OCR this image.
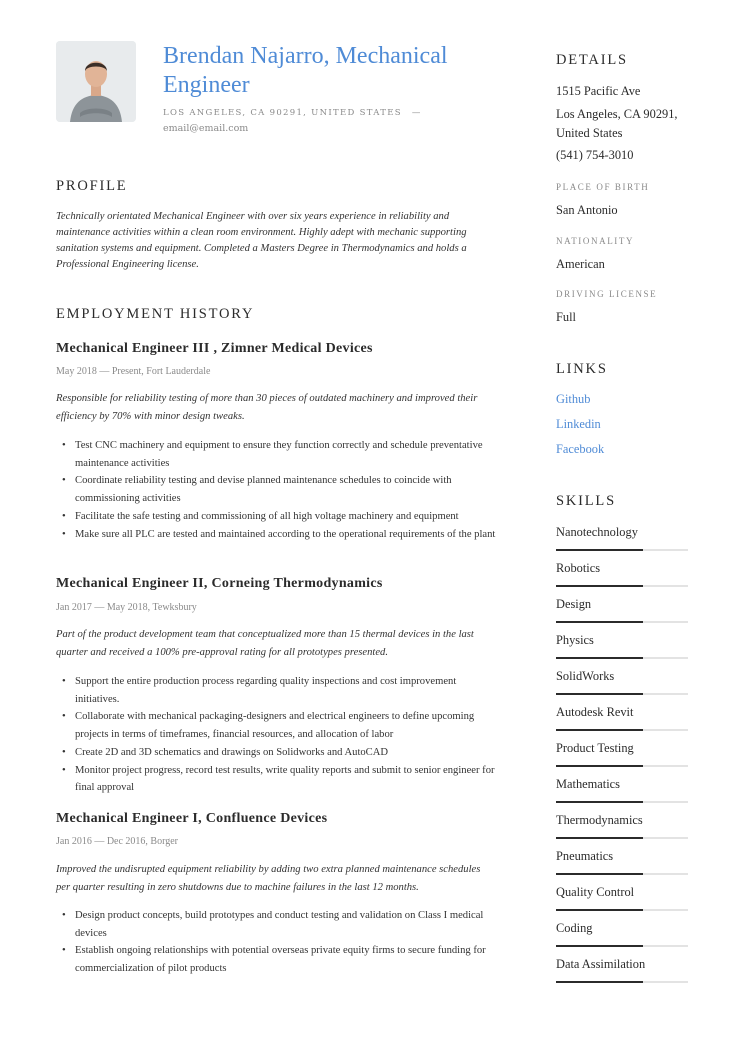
Brendan Najarro, Mechanical Engineer
LOS ANGELES, CA 90291, UNITED STATES —
email@email.com
PROFILE

Technically orientated Mechanical Engineer with over six years experience in reliability and maintenance activities within a clean room environment. Highly adept with mechanic supporting sanitation systems and equipment. Completed a Masters Degree in Thermodynamics and holds a Professional Engineering license.

EMPLOYMENT HISTORY
Mechanical Engineer III , Zimner Medical Devices
May 2018 — Present, Fort Lauderdale

Responsible for reliability testing of more than 30 pieces of outdated machinery and improved their efficiency by 70% with minor design tweaks.

• Test CNC machinery and equipment to ensure they function correctly and schedule preventative maintenance activities
• Coordinate reliability testing and devise planned maintenance schedules to coincide with commissioning activities
• Facilitate the safe testing and commissioning of all high voltage machinery and equipment
• Make sure all PLC are tested and maintained according to the operational requirements of the plant
Mechanical Engineer II, Corneing Thermodynamics
Jan 2017 — May 2018, Tewksbury

Part of the product development team that conceptualized more than 15 thermal devices in the last quarter and received a 100% pre-approval rating for all prototypes presented.

• Support the entire production process regarding quality inspections and cost improvement initiatives.
• Collaborate with mechanical packaging-designers and electrical engineers to define upcoming projects in terms of timeframes, financial resources, and allocation of labor
• Create 2D and 3D schematics and drawings on Solidworks and AutoCAD
• Monitor project progress, record test results, write quality reports and submit to senior engineer for final approval
Mechanical Engineer I, Confluence Devices
Jan 2016 — Dec 2016, Borger

Improved the undisrupted equipment reliability by adding two extra planned maintenance schedules per quarter resulting in zero shutdowns due to machine failures in the last 12 months.

• Design product concepts, build prototypes and conduct testing and validation on Class I medical devices
• Establish ongoing relationships with potential overseas private equity firms to secure funding for commercialization of pilot products
DETAILS
1515 Pacific Ave
Los Angeles, CA 90291, United States
(541) 754-3010
PLACE OF BIRTH
San Antonio
NATIONALITY
American
DRIVING LICENSE
Full
LINKS
Github
Linkedin
Facebook
SKILLS
Nanotechnology
Robotics
Design
Physics
SolidWorks
Autodesk Revit
Product Testing
Mathematics
Thermodynamics
Pneumatics
Quality Control
Coding
Data Assimilation
